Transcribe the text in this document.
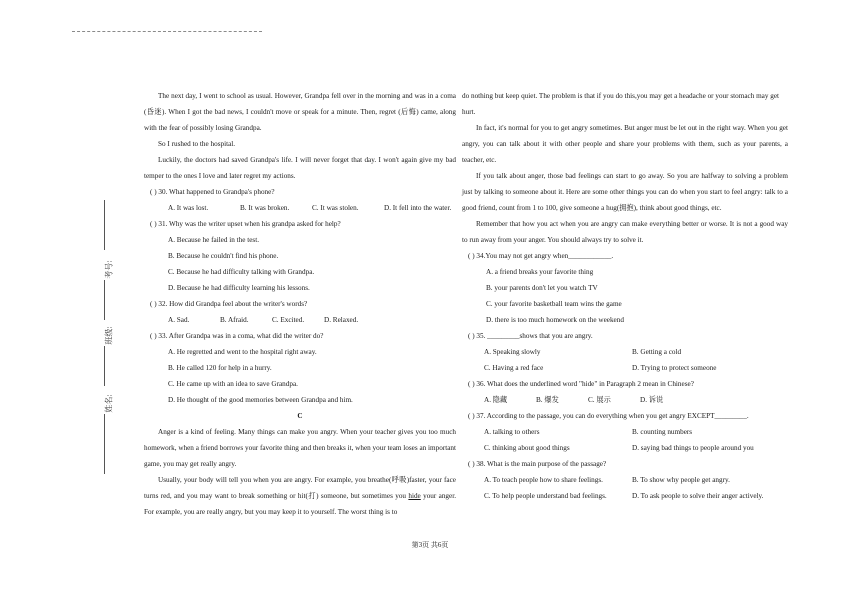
考号:
班级:
姓名:

The next day, I went to school as usual. However, Grandpa fell over in the morning and was in a coma (昏迷). When I got the bad news, I couldn't move or speak for a minute. Then, regret (后悔) came, along with the fear of possibly losing Grandpa.

So I rushed to the hospital.

Luckily, the doctors had saved Grandpa's life. I will never forget that day. I won't again give my bad temper to the ones I love and later regret my actions.

( ) 30. What happened to Grandpa's phone?

A. It was lost.	B. It was broken.	C. It was stolen.	D. It fell into the water.

( ) 31. Why was the writer upset when his grandpa asked for help?

A. Because he failed in the test.

B. Because he couldn't find his phone.

C. Because he had difficulty talking with Grandpa.

D. Because he had difficulty learning his lessons.

( ) 32. How did Grandpa feel about the writer's words?

A. Sad.	B. Afraid.	C. Excited.	D. Relaxed.

( ) 33. After Grandpa was in a coma, what did the writer do?

A. He regretted and went to the hospital right away.

B. He called 120 for help in a hurry.

C. He came up with an idea to save Grandpa.

D. He thought of the good memories between Grandpa and him.

C

Anger is a kind of feeling. Many things can make you angry. When your teacher gives you too much homework, when a friend borrows your favorite thing and then breaks it, when your team loses an important game, you may get really angry.

Usually, your body will tell you when you are angry. For example, you breathe(呼吸)faster, your face turns red, and you may want to break something or hit(打) someone, but sometimes you hide your anger. For example, you are really angry, but you may keep it to yourself. The worst thing is to

do nothing but keep quiet. The problem is that if you do this,you may get a headache or your stomach may get hurt.

In fact, it's normal for you to get angry sometimes. But anger must be let out in the right way. When you get angry, you can talk about it with other people and share your problems with them, such as your parents, a teacher, etc.

If you talk about anger, those bad feelings can start to go away. So you are halfway to solving a problem just by talking to someone about it. Here are some other things you can do when you start to feel angry: talk to a good friend, count from 1 to 100, give someone a hug(拥抱), think about good things, etc.

Remember that how you act when you are angry can make everything better or worse. It is not a good way to run away from your anger. You should always try to solve it.

( ) 34.You may not get angry when____________.

A. a friend breaks your favorite thing

B. your parents don't let you watch TV

C. your favorite basketball team wins the game

D. there is too much homework on the weekend

( ) 35. _________shows that you are angry.

A. Speaking slowly	B. Getting a cold
C. Having a red face	D. Trying to protect someone

( ) 36. What does the underlined word "hide" in Paragraph 2 mean in Chinese?

A. 隐藏	B. 爆发	C. 展示	D. 诉说

( ) 37. According to the passage, you can do everything when you get angry EXCEPT_________.

A. talking to others	B. counting numbers
C. thinking about good things	D. saying bad things to people around you

( ) 38. What is the main purpose of the passage?

A. To teach people how to share feelings.	B. To show why people get angry.
C. To help people understand bad feelings.	D. To ask people to solve their anger actively.
第3页 共6页
